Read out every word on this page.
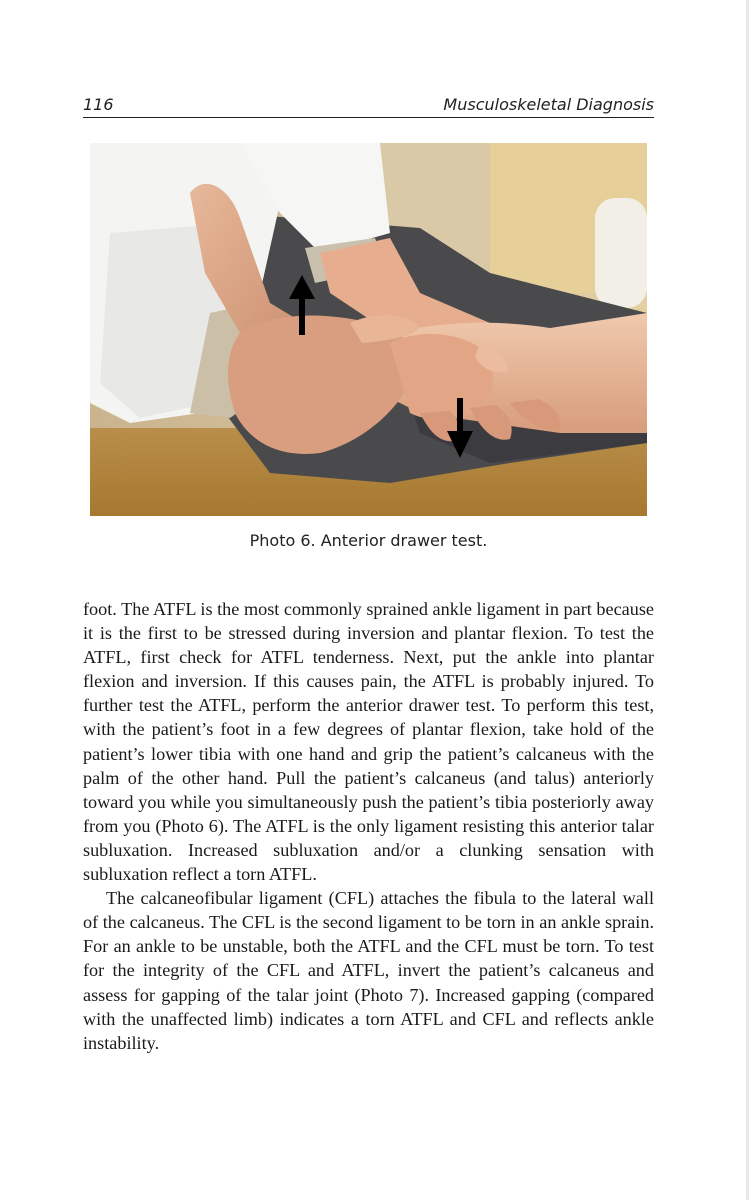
116	Musculoskeletal Diagnosis
Photo 6. Anterior drawer test.

foot. The ATFL is the most commonly sprained ankle ligament in part because it is the first to be stressed during inversion and plantar flexion. To test the ATFL, first check for ATFL tenderness. Next, put the ankle into plantar flexion and inversion. If this causes pain, the ATFL is probably injured. To further test the ATFL, perform the anterior drawer test. To perform this test, with the patient’s foot in a few degrees of plantar flexion, take hold of the patient’s lower tibia with one hand and grip the patient’s calcaneus with the palm of the other hand. Pull the patient’s calcaneus (and talus) anteriorly toward you while you simultaneously push the patient’s tibia posteriorly away from you (Photo 6). The ATFL is the only ligament resisting this anterior talar subluxation. Increased subluxation and/or a clunking sensation with subluxation reflect a torn ATFL.

The calcaneofibular ligament (CFL) attaches the fibula to the lateral wall of the calcaneus. The CFL is the second ligament to be torn in an ankle sprain. For an ankle to be unstable, both the ATFL and the CFL must be torn. To test for the integrity of the CFL and ATFL, invert the patient’s calcaneus and assess for gapping of the talar joint (Photo 7). Increased gapping (compared with the unaffected limb) indicates a torn ATFL and CFL and reflects ankle instability.
